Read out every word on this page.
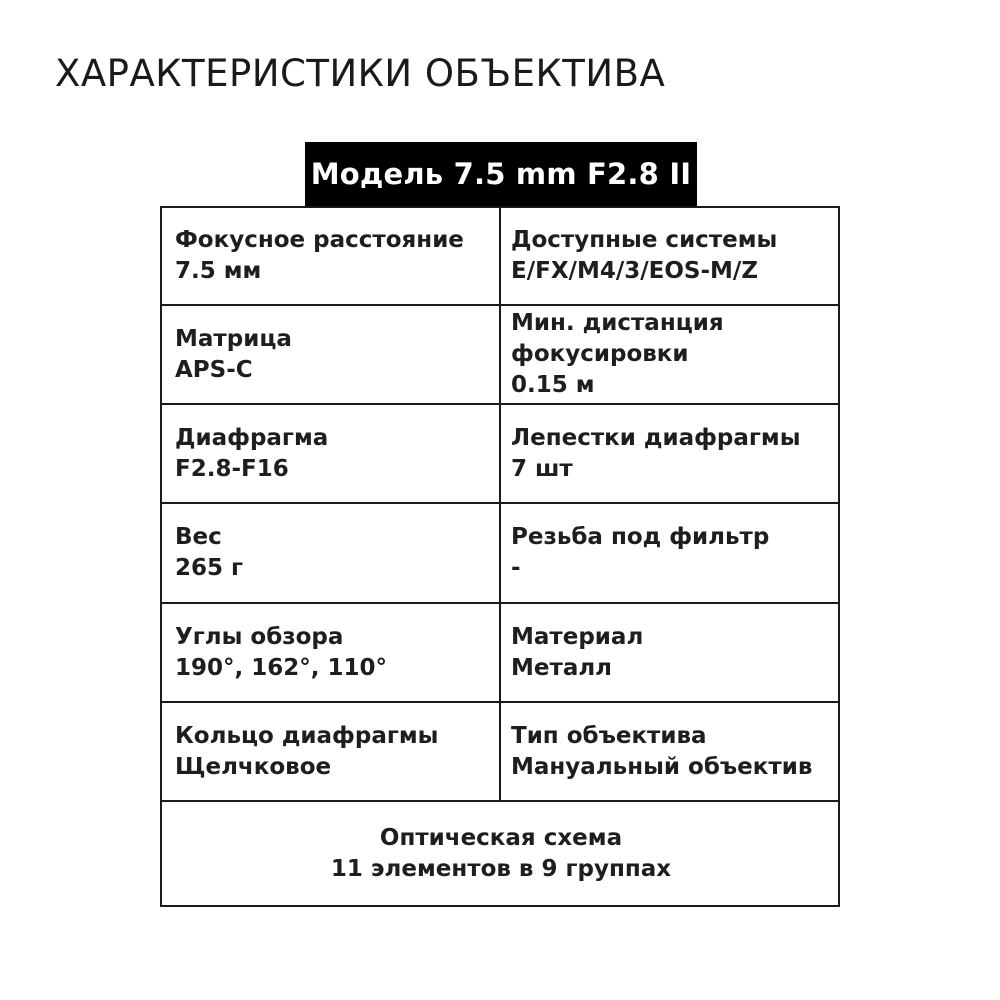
ХАРАКТЕРИСТИКИ ОБЪЕКТИВА
Модель 7.5 mm F2.8 II
Фокусное расстояние
7.5 мм
Доступные системы
E/FX/M4/3/EOS-M/Z
Матрица
APS-C
Мин. дистанция фокусировки
0.15 м
Диафрагма
F2.8-F16
Лепестки диафрагмы
7 шт
Вес
265 г
Резьба под фильтр
-
Углы обзора
190°, 162°, 110°
Материал
Металл
Кольцо диафрагмы
Щелчковое
Тип объектива
Мануальный объектив
Оптическая схема
11 элементов в 9 группах
